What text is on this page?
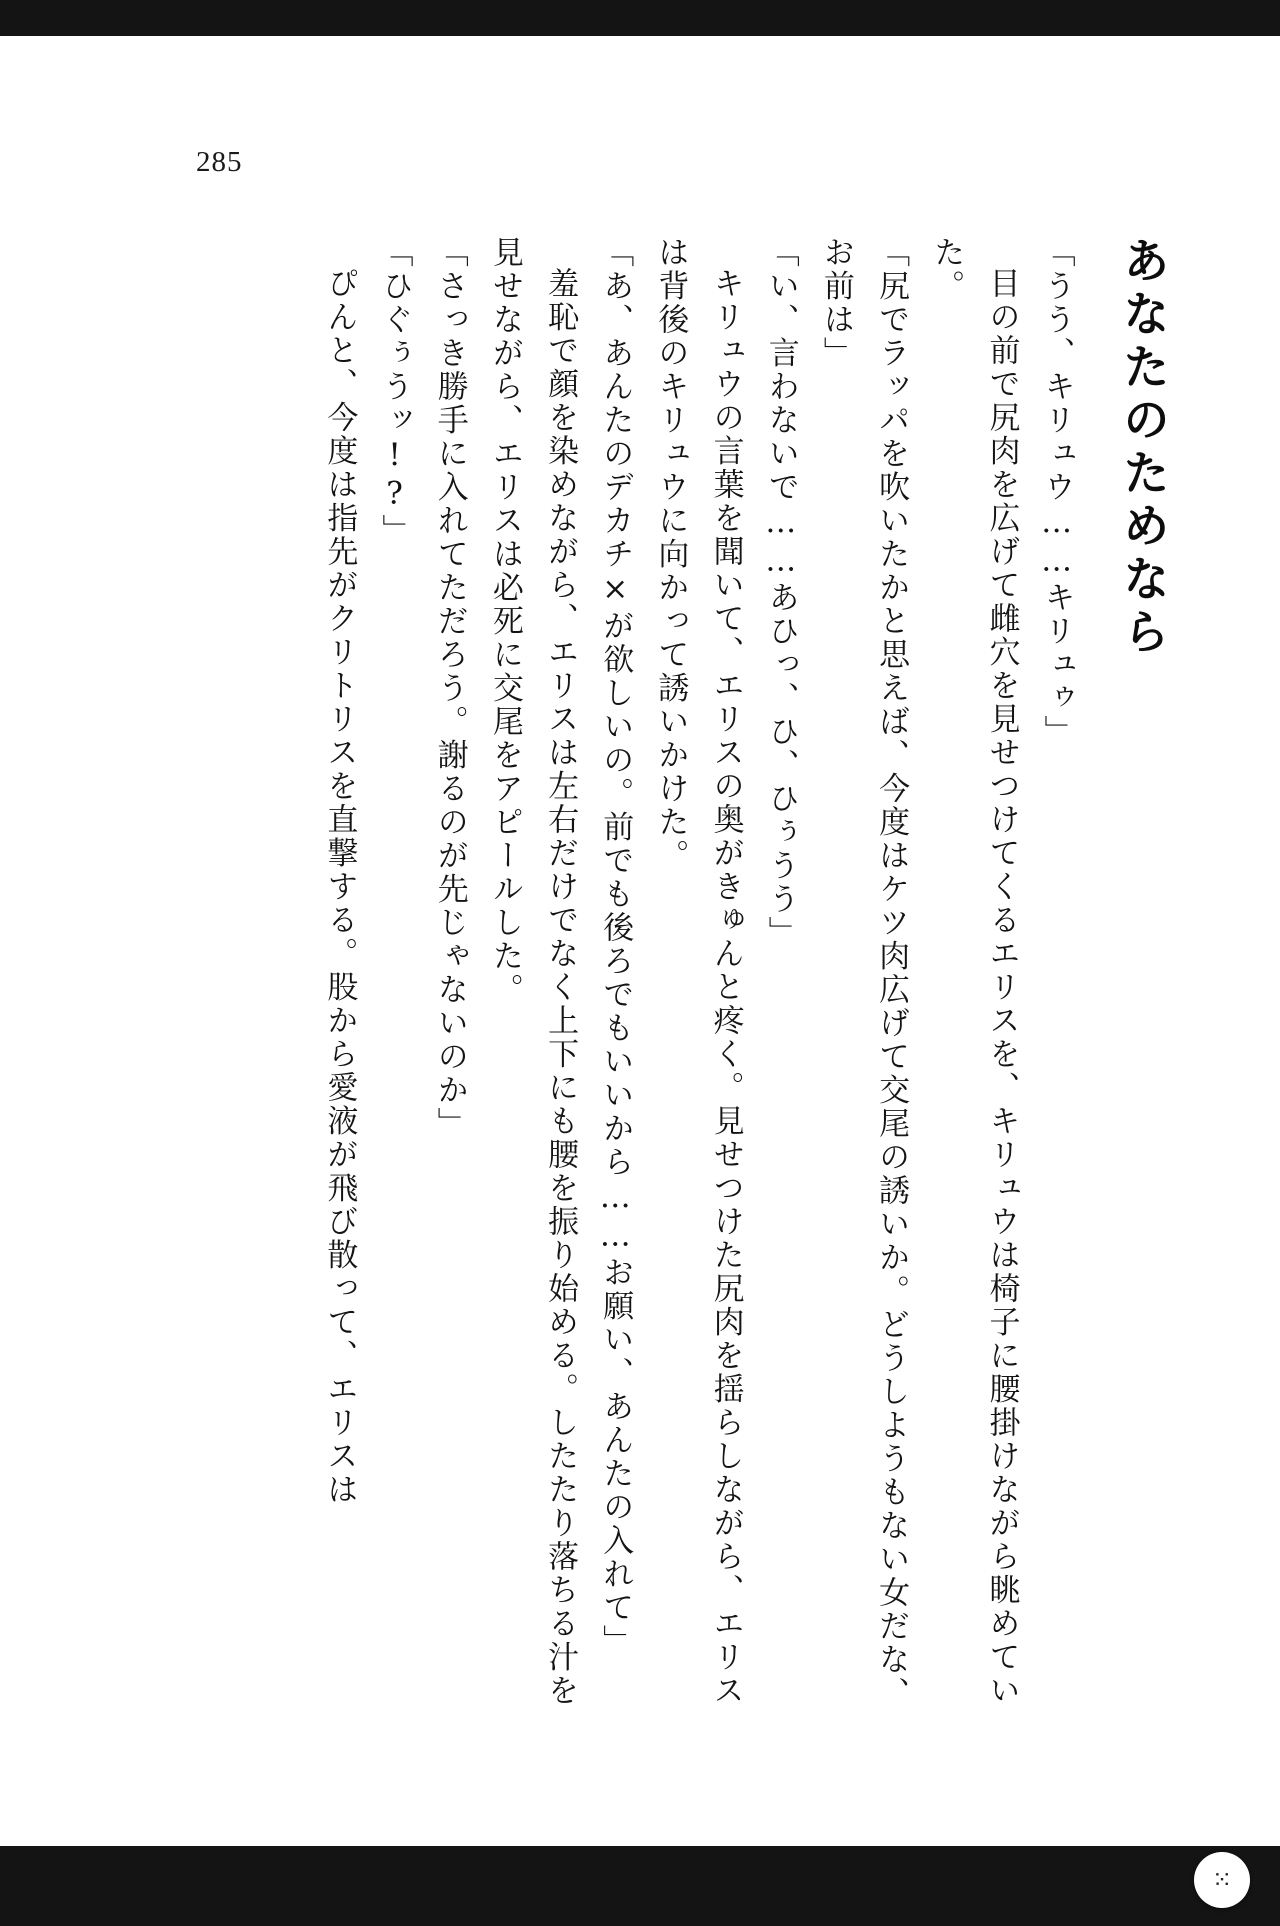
285
あなたのためなら

「うう、キリュウ……キリュゥ」

目の前で尻肉を広げて雌穴を見せつけてくるエリスを、キリュウは椅子に腰掛けながら眺めていた。

「尻でラッパを吹いたかと思えば、今度はケツ肉広げて交尾の誘いか。どうしようもない女だな、お前は」

「い、言わないで……あひっ、ひ、ひぅうう」

キリュウの言葉を聞いて、エリスの奥がきゅんと疼く。見せつけた尻肉を揺らしながら、エリスは背後のキリュウに向かって誘いかけた。

「あ、あんたのデカチ×が欲しいの。前でも後ろでもいいから……お願い、あんたの入れて」

羞恥で顔を染めながら、エリスは左右だけでなく上下にも腰を振り始める。したたり落ちる汁を見せながら、エリスは必死に交尾をアピールした。

「さっき勝手に入れてただろう。謝るのが先じゃないのか」

「ひぐぅうッ!?」

ぴんと、今度は指先がクリトリスを直撃する。股から愛液が飛び散って、エリスは

⁙
